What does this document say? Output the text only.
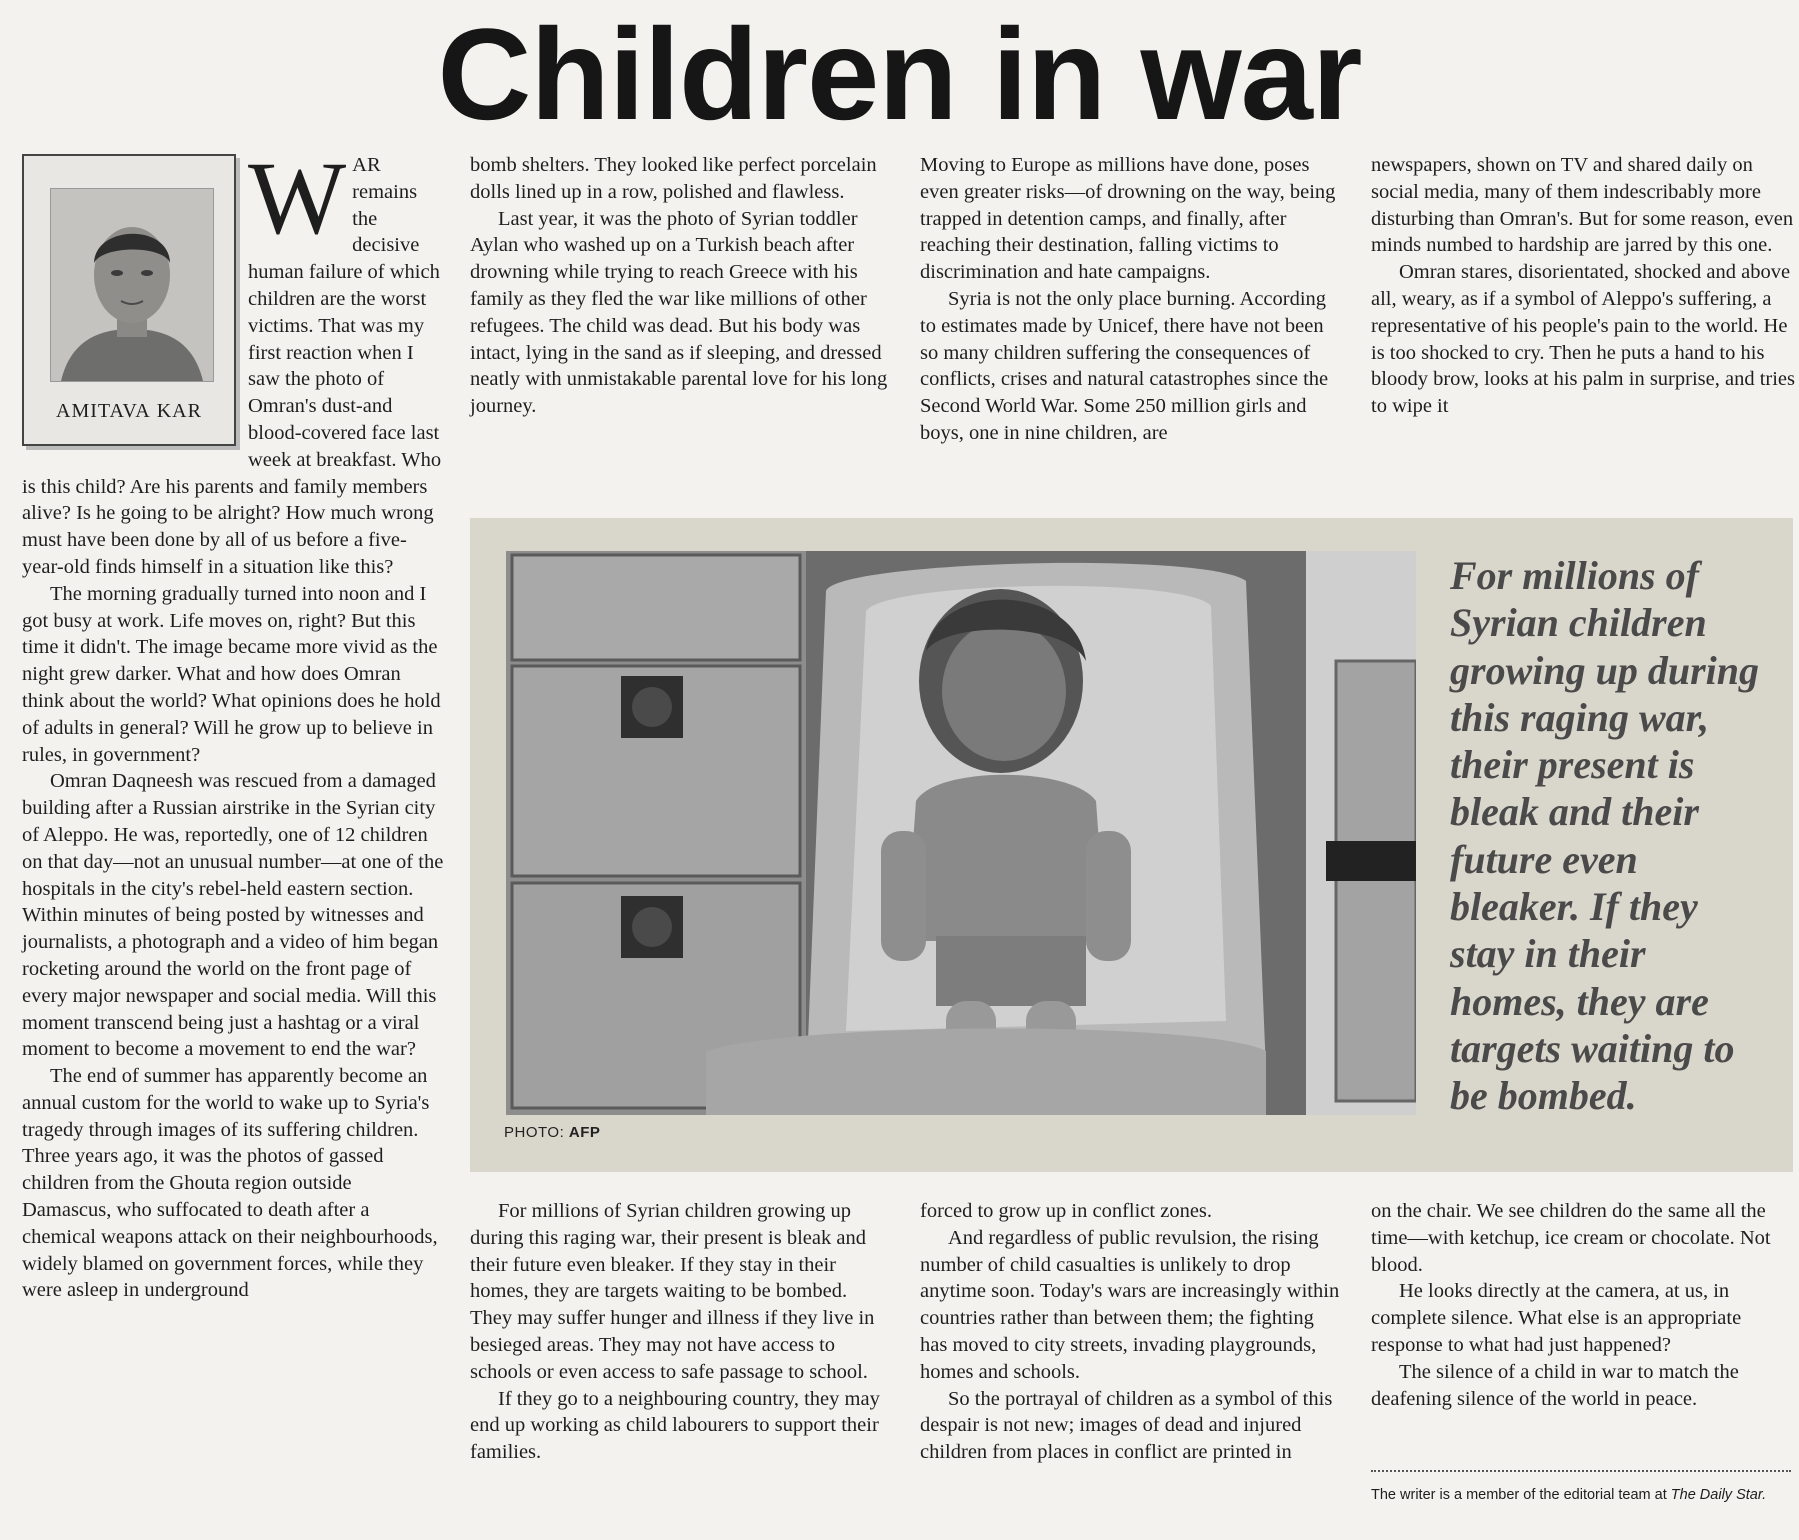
Children in war
AMITAVA KAR

WAR remains the decisive human failure of which children are the worst victims. That was my first reaction when I saw the photo of Omran's dust-and blood-covered face last week at breakfast. Who is this child? Are his parents and family members alive? Is he going to be alright? How much wrong must have been done by all of us before a five-year-old finds himself in a situation like this?

The morning gradually turned into noon and I got busy at work. Life moves on, right? But this time it didn't. The image became more vivid as the night grew darker. What and how does Omran think about the world? What opinions does he hold of adults in general? Will he grow up to believe in rules, in government?

Omran Daqneesh was rescued from a damaged building after a Russian airstrike in the Syrian city of Aleppo. He was, reportedly, one of 12 children on that day—not an unusual number—at one of the hospitals in the city's rebel-held eastern section. Within minutes of being posted by witnesses and journalists, a photograph and a video of him began rocketing around the world on the front page of every major newspaper and social media. Will this moment transcend being just a hashtag or a viral moment to become a movement to end the war?

The end of summer has apparently become an annual custom for the world to wake up to Syria's tragedy through images of its suffering children. Three years ago, it was the photos of gassed children from the Ghouta region outside Damascus, who suffocated to death after a chemical weapons attack on their neighbourhoods, widely blamed on government forces, while they were asleep in underground

bomb shelters. They looked like perfect porcelain dolls lined up in a row, polished and flawless.

Last year, it was the photo of Syrian toddler Aylan who washed up on a Turkish beach after drowning while trying to reach Greece with his family as they fled the war like millions of other refugees. The child was dead. But his body was intact, lying in the sand as if sleeping, and dressed neatly with unmistakable parental love for his long journey.

Moving to Europe as millions have done, poses even greater risks—of drowning on the way, being trapped in detention camps, and finally, after reaching their destination, falling victims to discrimination and hate campaigns.

Syria is not the only place burning. According to estimates made by Unicef, there have not been so many children suffering the consequences of conflicts, crises and natural catastrophes since the Second World War. Some 250 million girls and boys, one in nine children, are

newspapers, shown on TV and shared daily on social media, many of them indescribably more disturbing than Omran's. But for some reason, even minds numbed to hardship are jarred by this one.

Omran stares, disorientated, shocked and above all, weary, as if a symbol of Aleppo's suffering, a representative of his people's pain to the world. He is too shocked to cry. Then he puts a hand to his bloody brow, looks at his palm in surprise, and tries to wipe it

PHOTO: AFP
For millions of Syrian children growing up during this raging war, their present is bleak and their future even bleaker. If they stay in their homes, they are targets waiting to be bombed.

For millions of Syrian children growing up during this raging war, their present is bleak and their future even bleaker. If they stay in their homes, they are targets waiting to be bombed. They may suffer hunger and illness if they live in besieged areas. They may not have access to schools or even access to safe passage to school.

If they go to a neighbouring country, they may end up working as child labourers to support their families.

forced to grow up in conflict zones.

And regardless of public revulsion, the rising number of child casualties is unlikely to drop anytime soon. Today's wars are increasingly within countries rather than between them; the fighting has moved to city streets, invading playgrounds, homes and schools.

So the portrayal of children as a symbol of this despair is not new; images of dead and injured children from places in conflict are printed in

on the chair. We see children do the same all the time—with ketchup, ice cream or chocolate. Not blood.

He looks directly at the camera, at us, in complete silence. What else is an appropriate response to what had just happened?

The silence of a child in war to match the deafening silence of the world in peace.

The writer is a member of the editorial team at The Daily Star.
